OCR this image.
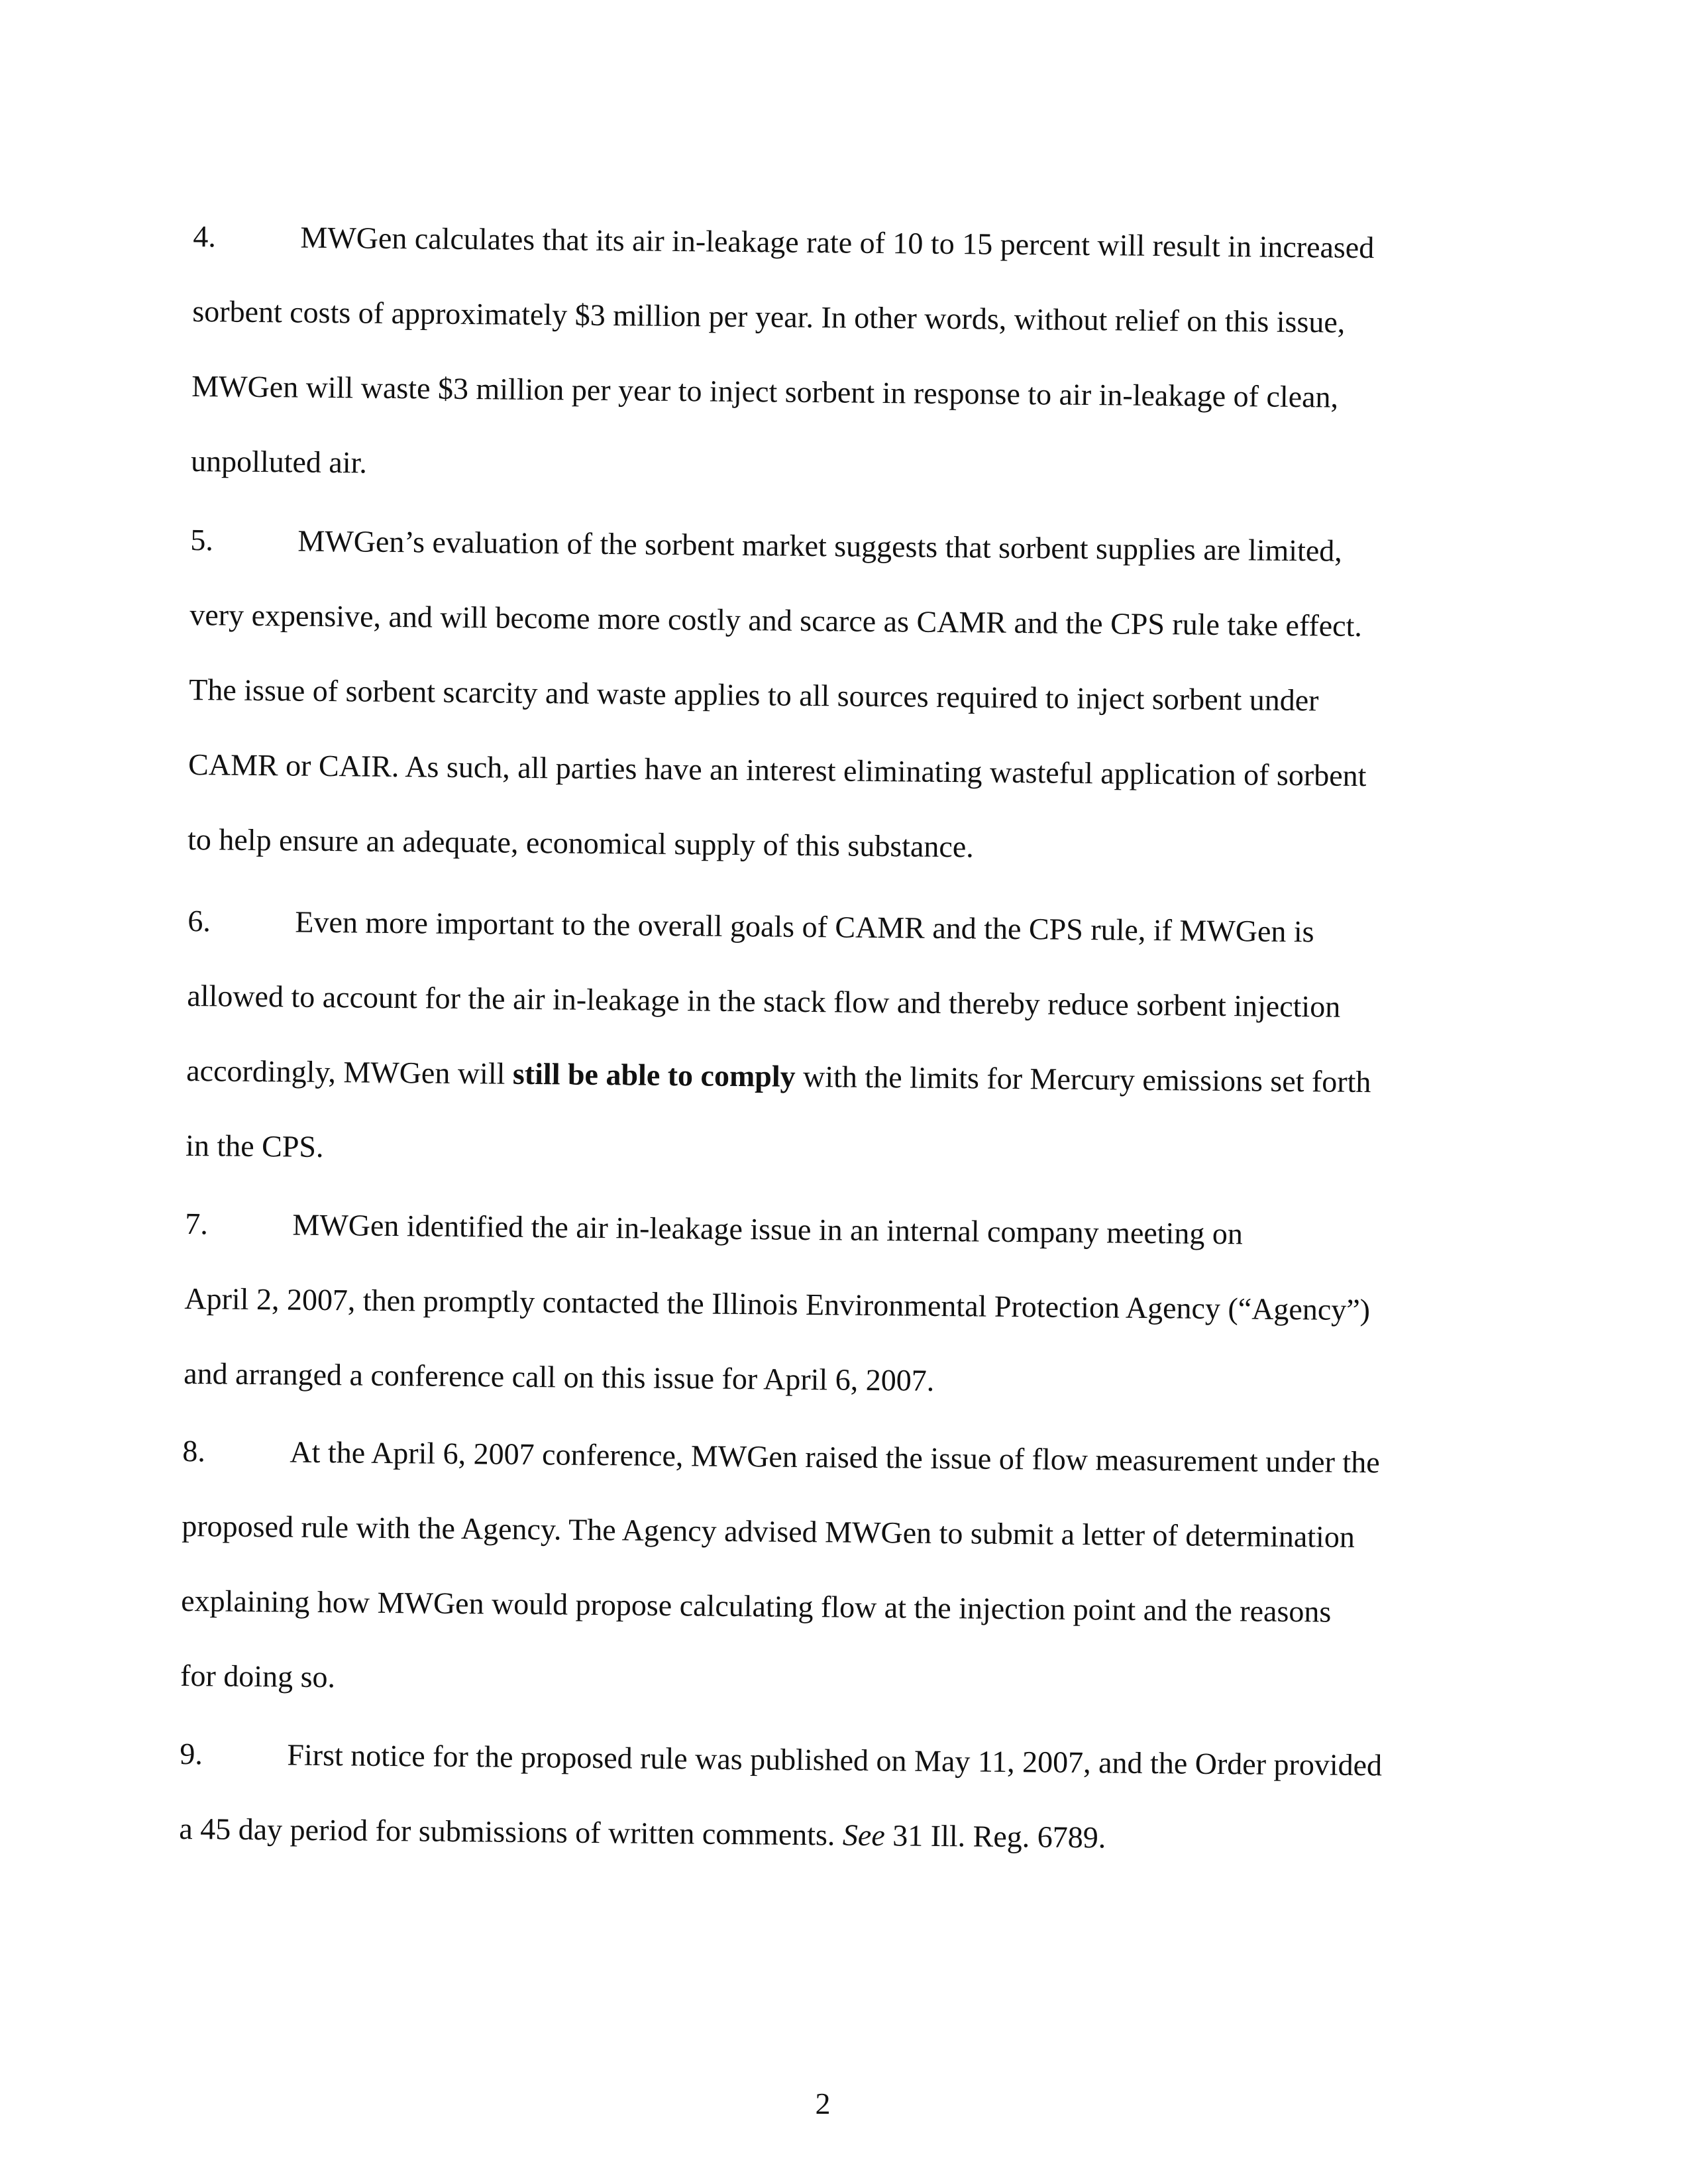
4.	MWGen calculates that its air in-leakage rate of 10 to 15 percent will result in increased
sorbent costs of approximately $3 million per year. In other words, without relief on this issue,
MWGen will waste $3 million per year to inject sorbent in response to air in-leakage of clean,
unpolluted air.
5.	MWGen’s evaluation of the sorbent market suggests that sorbent supplies are limited,
very expensive, and will become more costly and scarce as CAMR and the CPS rule take effect.
The issue of sorbent scarcity and waste applies to all sources required to inject sorbent under
CAMR or CAIR. As such, all parties have an interest eliminating wasteful application of sorbent
to help ensure an adequate, economical supply of this substance.
6.	Even more important to the overall goals of CAMR and the CPS rule, if MWGen is
allowed to account for the air in-leakage in the stack flow and thereby reduce sorbent injection
accordingly, MWGen will still be able to comply with the limits for Mercury emissions set forth
in the CPS.
7.	MWGen identified the air in-leakage issue in an internal company meeting on
April 2, 2007, then promptly contacted the Illinois Environmental Protection Agency (“Agency”)
and arranged a conference call on this issue for April 6, 2007.
8.	At the April 6, 2007 conference, MWGen raised the issue of flow measurement under the
proposed rule with the Agency. The Agency advised MWGen to submit a letter of determination
explaining how MWGen would propose calculating flow at the injection point and the reasons
for doing so.
9.	First notice for the proposed rule was published on May 11, 2007, and the Order provided
a 45 day period for submissions of written comments. See 31 Ill. Reg. 6789.
2
